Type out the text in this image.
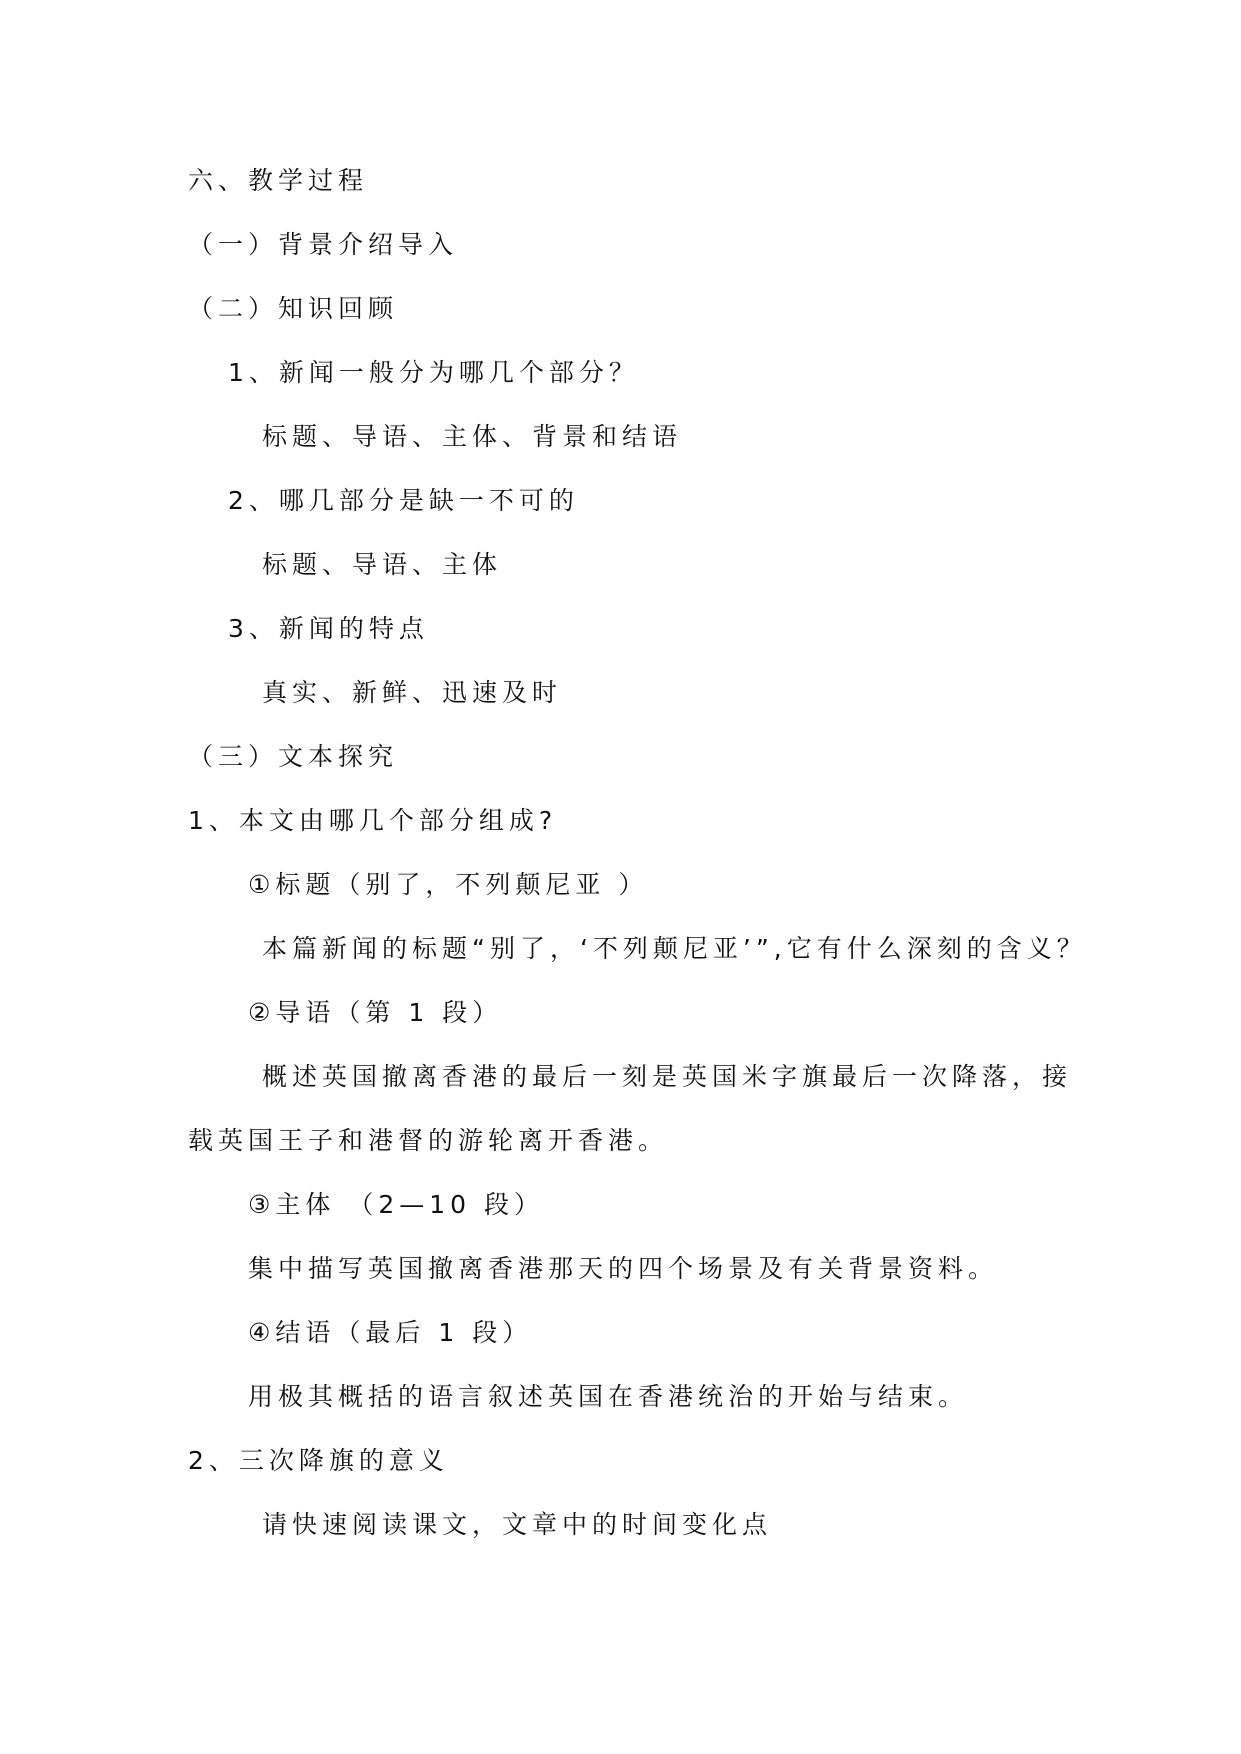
六、教学过程
（一）背景介绍导入
（二）知识回顾
1、新闻一般分为哪几个部分？
标题、导语、主体、背景和结语
2、哪几部分是缺一不可的
标题、导语、主体
3、新闻的特点
真实、新鲜、迅速及时
（三）文本探究
1、本文由哪几个部分组成?
①标题（别了，不列颠尼亚 ）
本篇新闻的标题“别了，‘不列颠尼亚’”,它有什么深刻的含义？
②导语（第 1 段）
概述英国撤离香港的最后一刻是英国米字旗最后一次降落，接
载英国王子和港督的游轮离开香港。
③主体 （2—10 段）
集中描写英国撤离香港那天的四个场景及有关背景资料。
④结语（最后 1 段）
用极其概括的语言叙述英国在香港统治的开始与结束。
2、三次降旗的意义
请快速阅读课文，文章中的时间变化点
